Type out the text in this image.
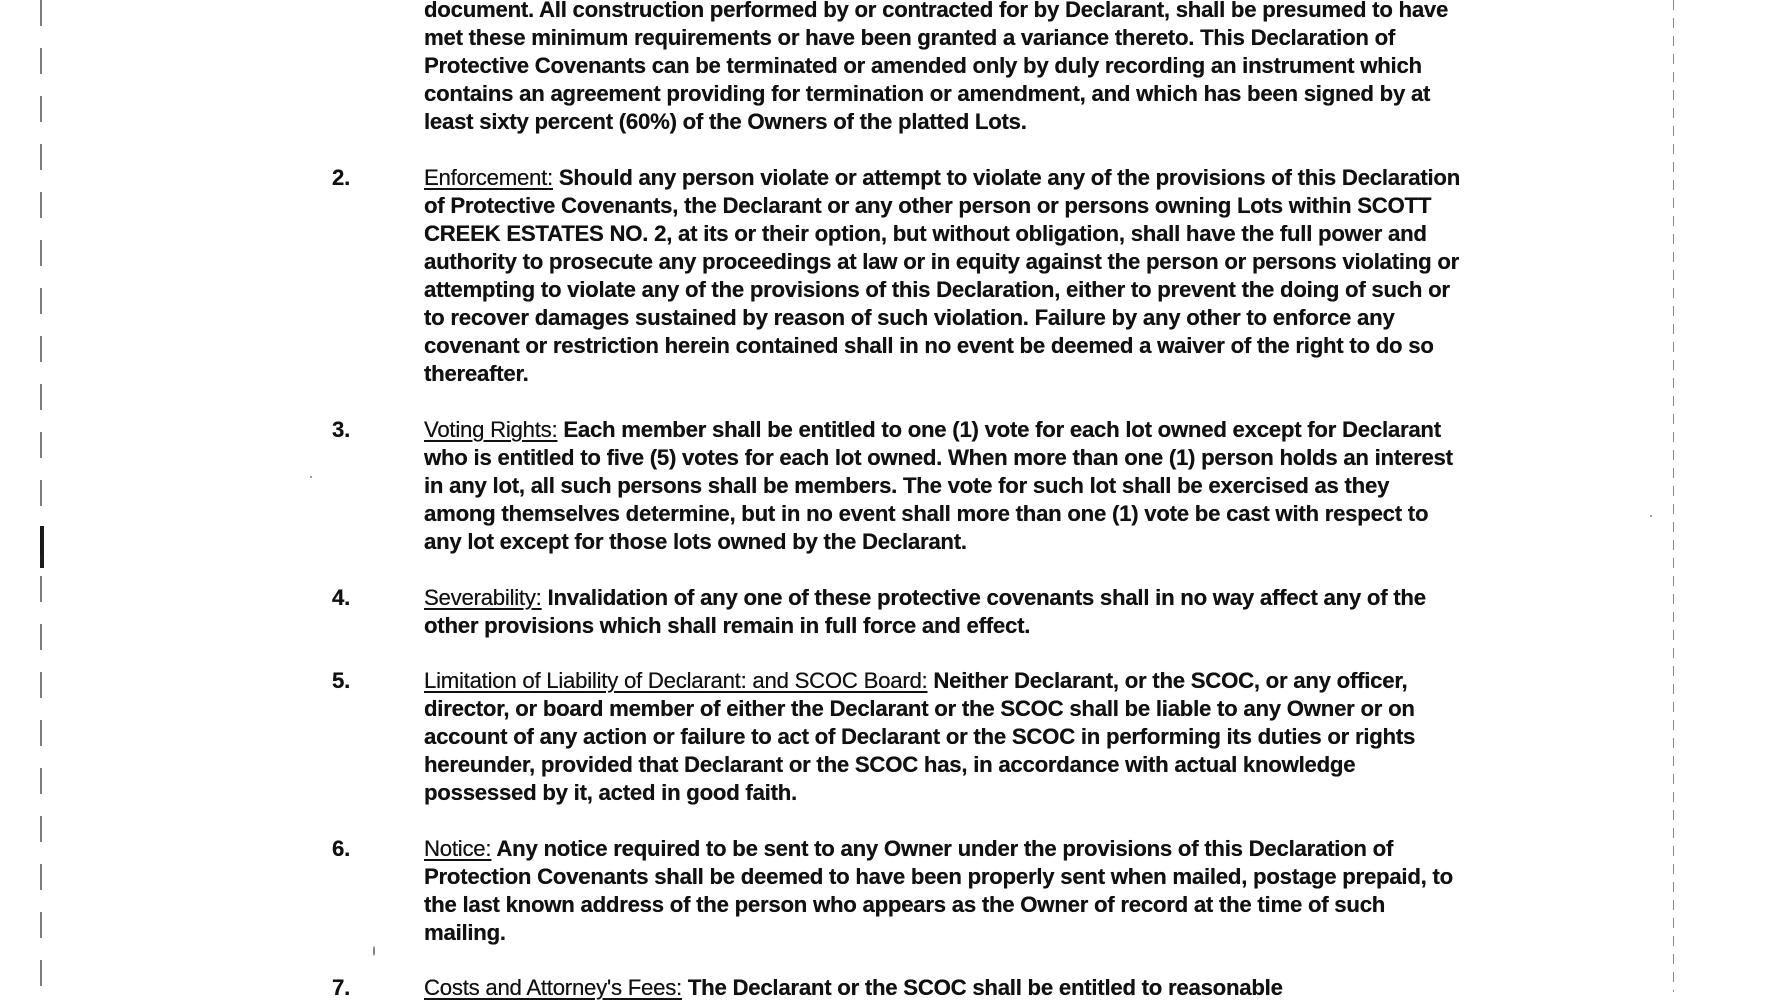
document. All construction performed by or contracted for by Declarant, shall be presumed to have met these minimum requirements or have been granted a variance thereto. This Declaration of Protective Covenants can be terminated or amended only by duly recording an instrument which contains an agreement providing for termination or amendment, and which has been signed by at least sixty percent (60%) of the Owners of the platted Lots.

2.	Enforcement: Should any person violate or attempt to violate any of the provisions of this Declaration of Protective Covenants, the Declarant or any other person or persons owning Lots within SCOTT CREEK ESTATES NO. 2, at its or their option, but without obligation, shall have the full power and authority to prosecute any proceedings at law or in equity against the person or persons violating or attempting to violate any of the provisions of this Declaration, either to prevent the doing of such or to recover damages sustained by reason of such violation. Failure by any other to enforce any covenant or restriction herein contained shall in no event be deemed a waiver of the right to do so thereafter.
3.	Voting Rights: Each member shall be entitled to one (1) vote for each lot owned except for Declarant who is entitled to five (5) votes for each lot owned. When more than one (1) person holds an interest in any lot, all such persons shall be members. The vote for such lot shall be exercised as they among themselves determine, but in no event shall more than one (1) vote be cast with respect to any lot except for those lots owned by the Declarant.
4.	Severability: Invalidation of any one of these protective covenants shall in no way affect any of the other provisions which shall remain in full force and effect.
5.	Limitation of Liability of Declarant: and SCOC Board: Neither Declarant, or the SCOC, or any officer, director, or board member of either the Declarant or the SCOC shall be liable to any Owner or on account of any action or failure to act of Declarant or the SCOC in performing its duties or rights hereunder, provided that Declarant or the SCOC has, in accordance with actual knowledge possessed by it, acted in good faith.
6.	Notice: Any notice required to be sent to any Owner under the provisions of this Declaration of Protection Covenants shall be deemed to have been properly sent when mailed, postage prepaid, to the last known address of the person who appears as the Owner of record at the time of such mailing.
7.	Costs and Attorney's Fees: The Declarant or the SCOC shall be entitled to reasonable
